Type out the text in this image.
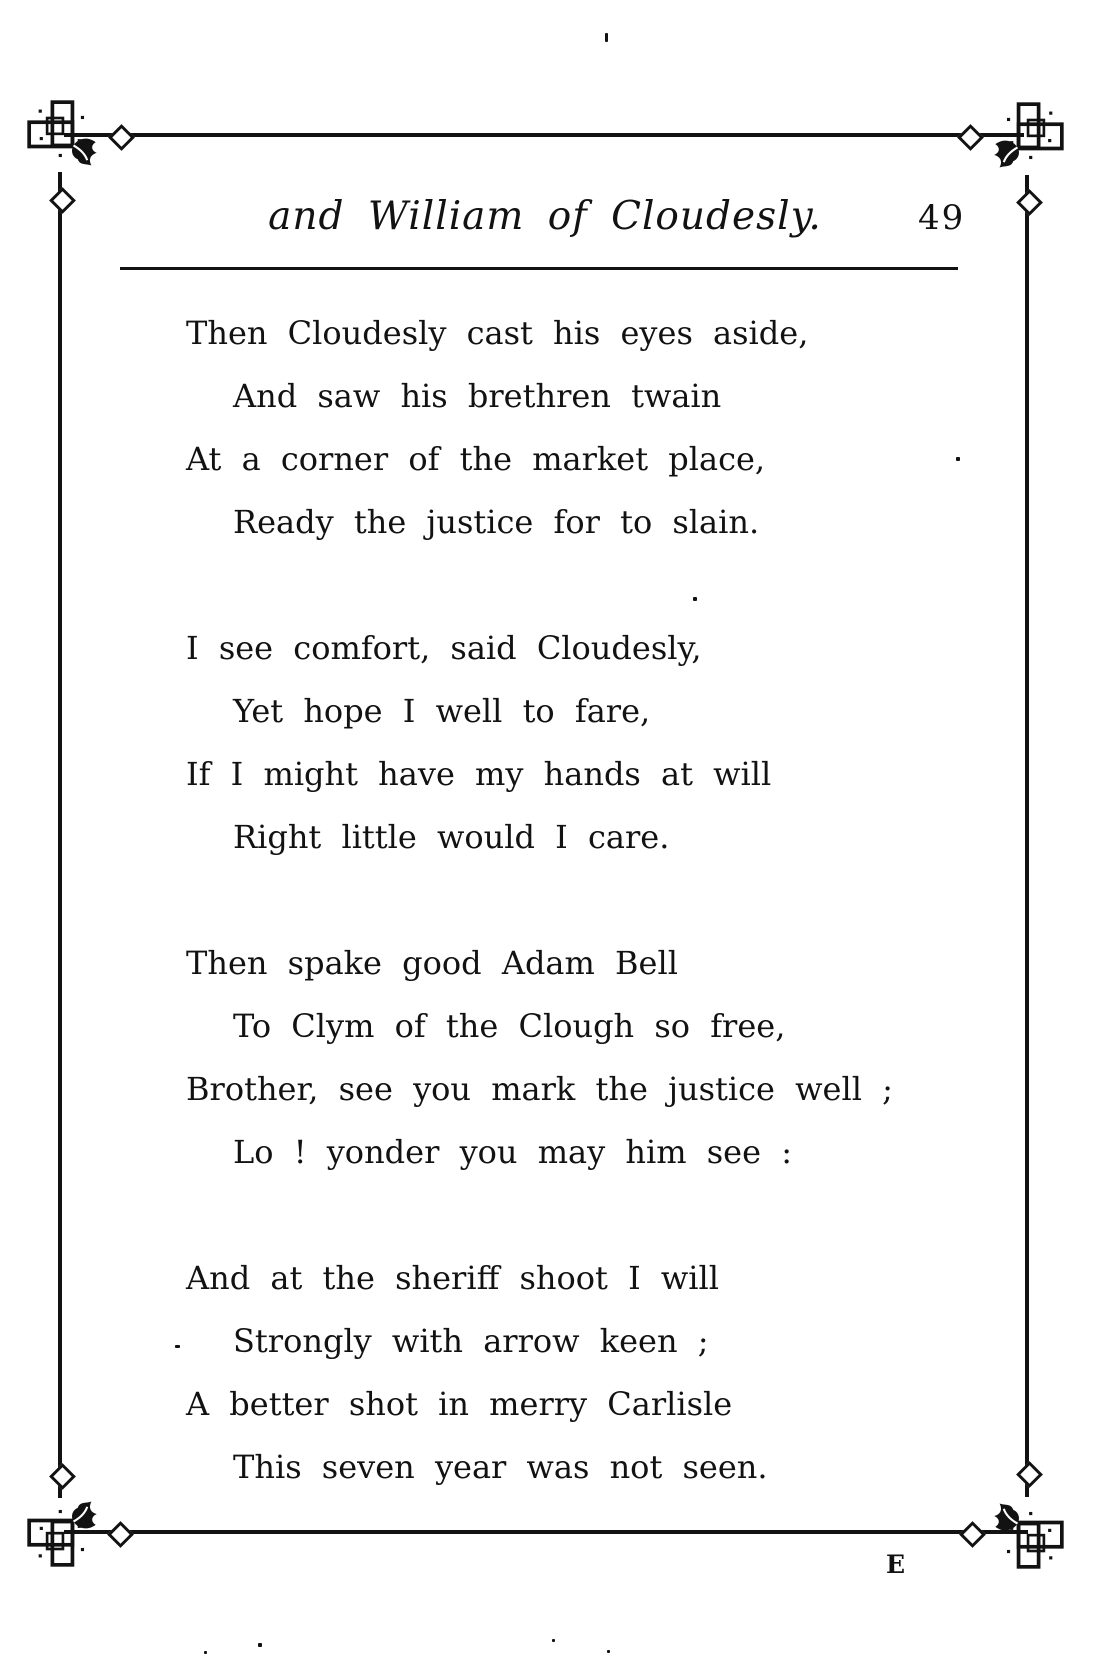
and William of Cloudesly.	49

Then Cloudesly cast his eyes aside,

And saw his brethren twain

At a corner of the market place,

Ready the justice for to slain.

I see comfort, said Cloudesly,

Yet hope I well to fare,

If I might have my hands at will

Right little would I care.

Then spake good Adam Bell

To Clym of the Clough so free,

Brother, see you mark the justice well ;

Lo ! yonder you may him see :

And at the sheriff shoot I will

Strongly with arrow keen ;

A better shot in merry Carlisle

This seven year was not seen.

E
